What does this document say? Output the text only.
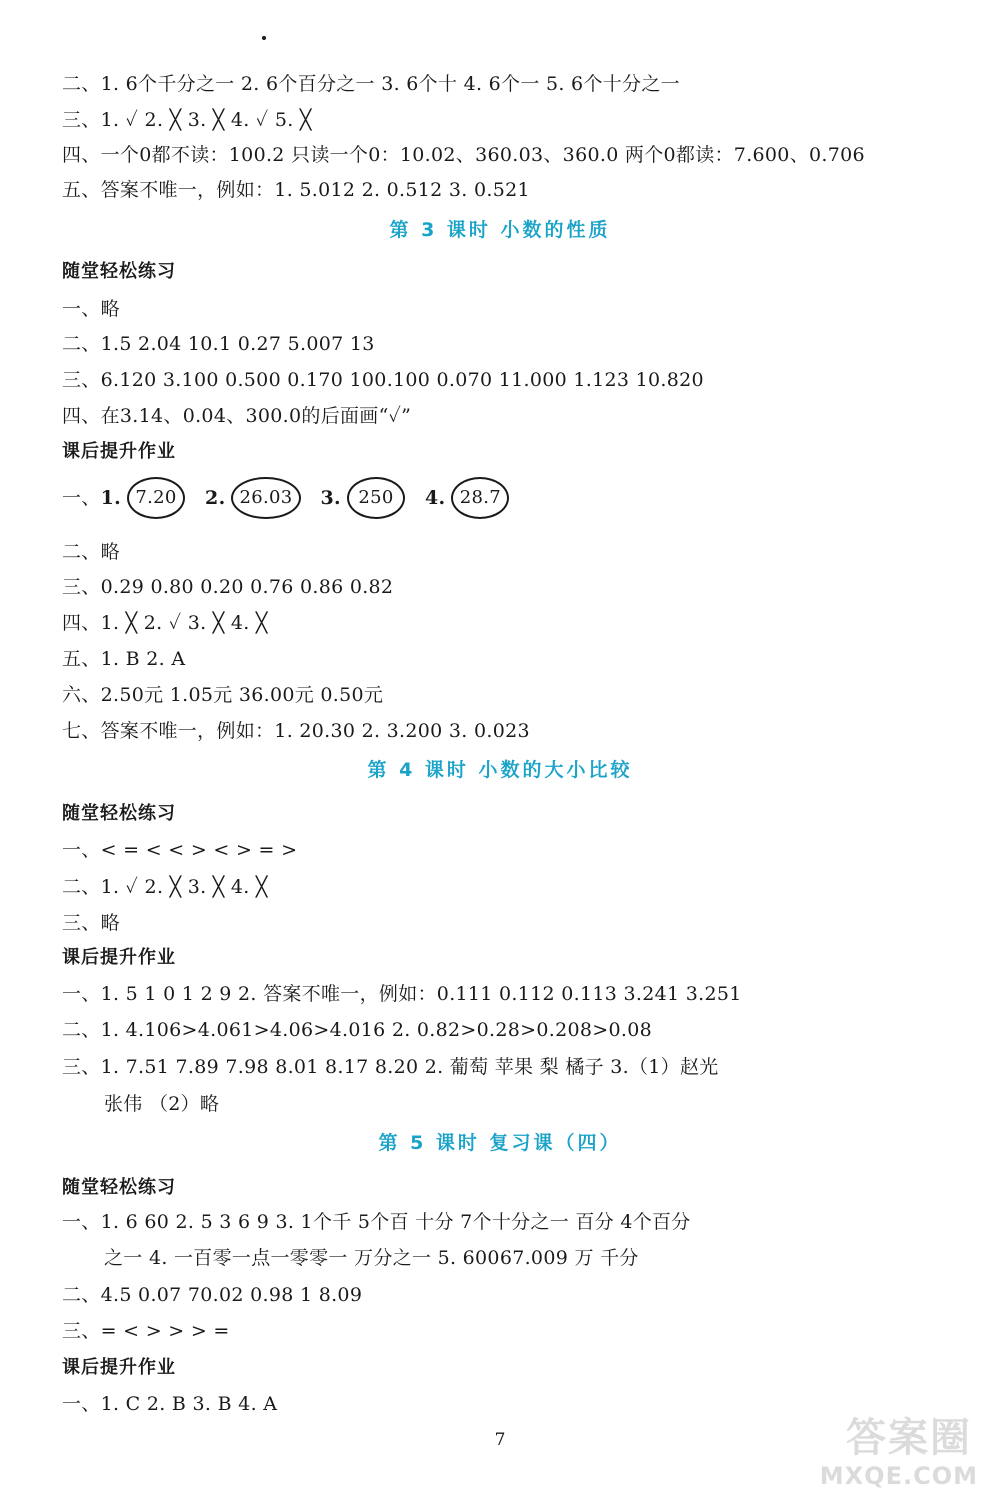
二、1. 6个千分之一 2. 6个百分之一 3. 6个十 4. 6个一 5. 6个十分之一
三、1. ✓ 2. ╳ 3. ╳ 4. ✓ 5. ╳
四、一个0都不读：100.2 只读一个0：10.02、360.03、360.0 两个0都读：7.600、0.706
五、答案不唯一，例如：1. 5.012 2. 0.512 3. 0.521
第 3 课时 小数的性质
随堂轻松练习
一、略
二、1.5 2.04 10.1 0.27 5.007 13
三、6.120 3.100 0.500 0.170 100.100 0.070 11.000 1.123 10.820
四、在3.14、0.04、300.0的后面画“✓”
课后提升作业
一、 1. 7.20	2. 26.03	3. 250	4. 28.7
二、略
三、0.29 0.80 0.20 0.76 0.86 0.82
四、1. ╳ 2. ✓ 3. ╳ 4. ╳
五、1. B 2. A
六、2.50元 1.05元 36.00元 0.50元
七、答案不唯一，例如：1. 20.30 2. 3.200 3. 0.023
第 4 课时 小数的大小比较
随堂轻松练习
一、< = < < > < > = >
二、1. ✓ 2. ╳ 3. ╳ 4. ╳
三、略
课后提升作业
一、1. 5 1 0 1 2 9 2. 答案不唯一，例如：0.111 0.112 0.113 3.241 3.251
二、1. 4.106>4.061>4.06>4.016 2. 0.82>0.28>0.208>0.08
三、1. 7.51 7.89 7.98 8.01 8.17 8.20 2. 葡萄 苹果 梨 橘子 3.（1）赵光
张伟 （2）略
第 5 课时 复习课（四）
随堂轻松练习
一、1. 6 60 2. 5 3 6 9 3. 1个千 5个百 十分 7个十分之一 百分 4个百分
之一 4. 一百零一点一零零一 万分之一 5. 60067.009 万 千分
二、4.5 0.07 70.02 0.98 1 8.09
三、= < > > > =
课后提升作业
一、1. C 2. B 3. B 4. A
7	答案圈
MXQE.COM
